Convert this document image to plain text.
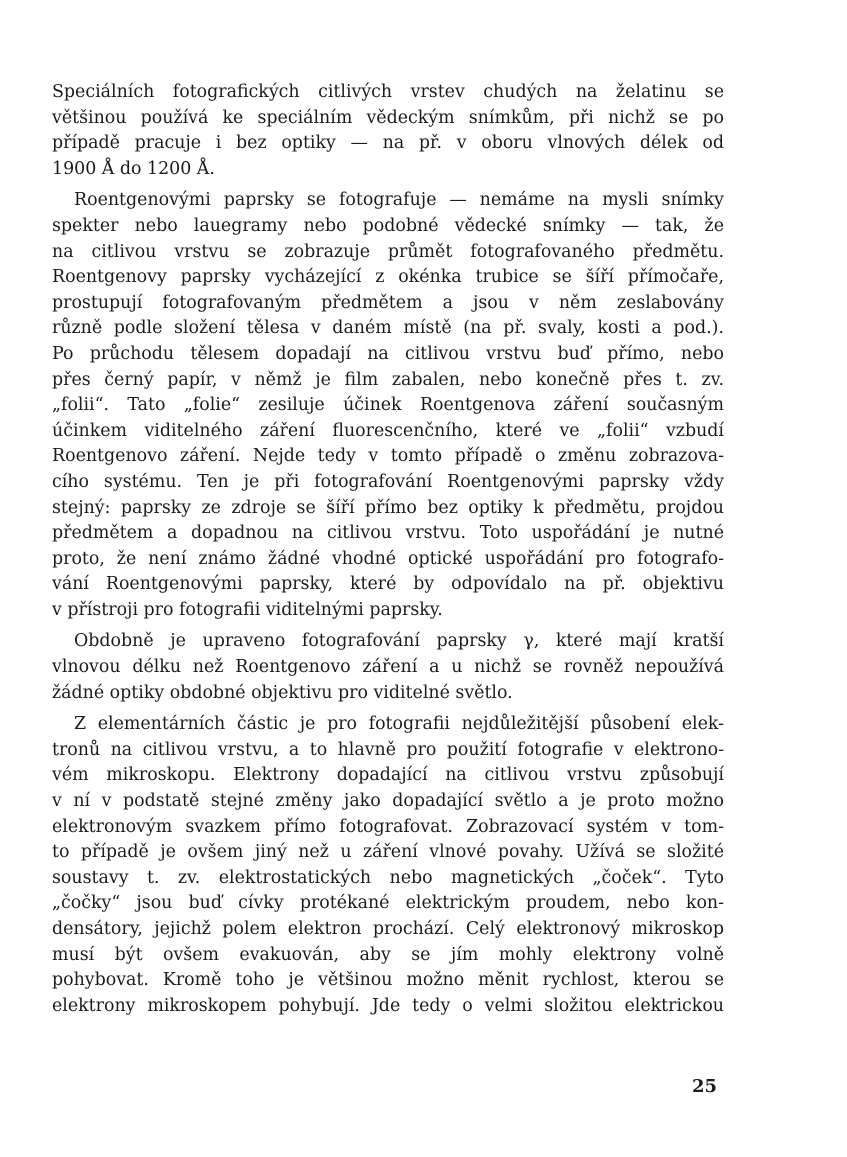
Speciálních fotografických citlivých vrstev chudých na želatinu se
většinou používá ke speciálním vědeckým snímkům, při nichž se po
případě pracuje i bez optiky — na př. v oboru vlnových délek od
1900 Å do 1200 Å.

Roentgenovými paprsky se fotografuje — nemáme na mysli snímky
spekter nebo lauegramy nebo podobné vědecké snímky — tak, že
na citlivou vrstvu se zobrazuje průmět fotografovaného předmětu.
Roentgenovy paprsky vycházející z okénka trubice se šíří přímočaře,
prostupují fotografovaným předmětem a jsou v něm zeslabovány
různě podle složení tělesa v daném místě (na př. svaly, kosti a pod.).
Po průchodu tělesem dopadají na citlivou vrstvu buď přímo, nebo
přes černý papír, v němž je film zabalen, nebo konečně přes t. zv.
„folii“. Tato „folie“ zesiluje účinek Roentgenova záření současným
účinkem viditelného záření fluorescenčního, které ve „folii“ vzbudí
Roentgenovo záření. Nejde tedy v tomto případě o změnu zobrazova-
cího systému. Ten je při fotografování Roentgenovými paprsky vždy
stejný: paprsky ze zdroje se šíří přímo bez optiky k předmětu, projdou
předmětem a dopadnou na citlivou vrstvu. Toto uspořádání je nutné
proto, že není známo žádné vhodné optické uspořádání pro fotografo-
vání Roentgenovými paprsky, které by odpovídalo na př. objektivu
v přístroji pro fotografii viditelnými paprsky.

Obdobně je upraveno fotografování paprsky γ, které mají kratší
vlnovou délku než Roentgenovo záření a u nichž se rovněž nepoužívá
žádné optiky obdobné objektivu pro viditelné světlo.

Z elementárních částic je pro fotografii nejdůležitější působení elek-
tronů na citlivou vrstvu, a to hlavně pro použití fotografie v elektrono-
vém mikroskopu. Elektrony dopadající na citlivou vrstvu způsobují
v ní v podstatě stejné změny jako dopadající světlo a je proto možno
elektronovým svazkem přímo fotografovat. Zobrazovací systém v tom-
to případě je ovšem jiný než u záření vlnové povahy. Užívá se složité
soustavy t. zv. elektrostatických nebo magnetických „čoček“. Tyto
„čočky“ jsou buď cívky protékané elektrickým proudem, nebo kon-
densátory, jejichž polem elektron prochází. Celý elektronový mikroskop
musí být ovšem evakuován, aby se jím mohly elektrony volně
pohybovat. Kromě toho je většinou možno měnit rychlost, kterou se
elektrony mikroskopem pohybují. Jde tedy o velmi složitou elektrickou

25
